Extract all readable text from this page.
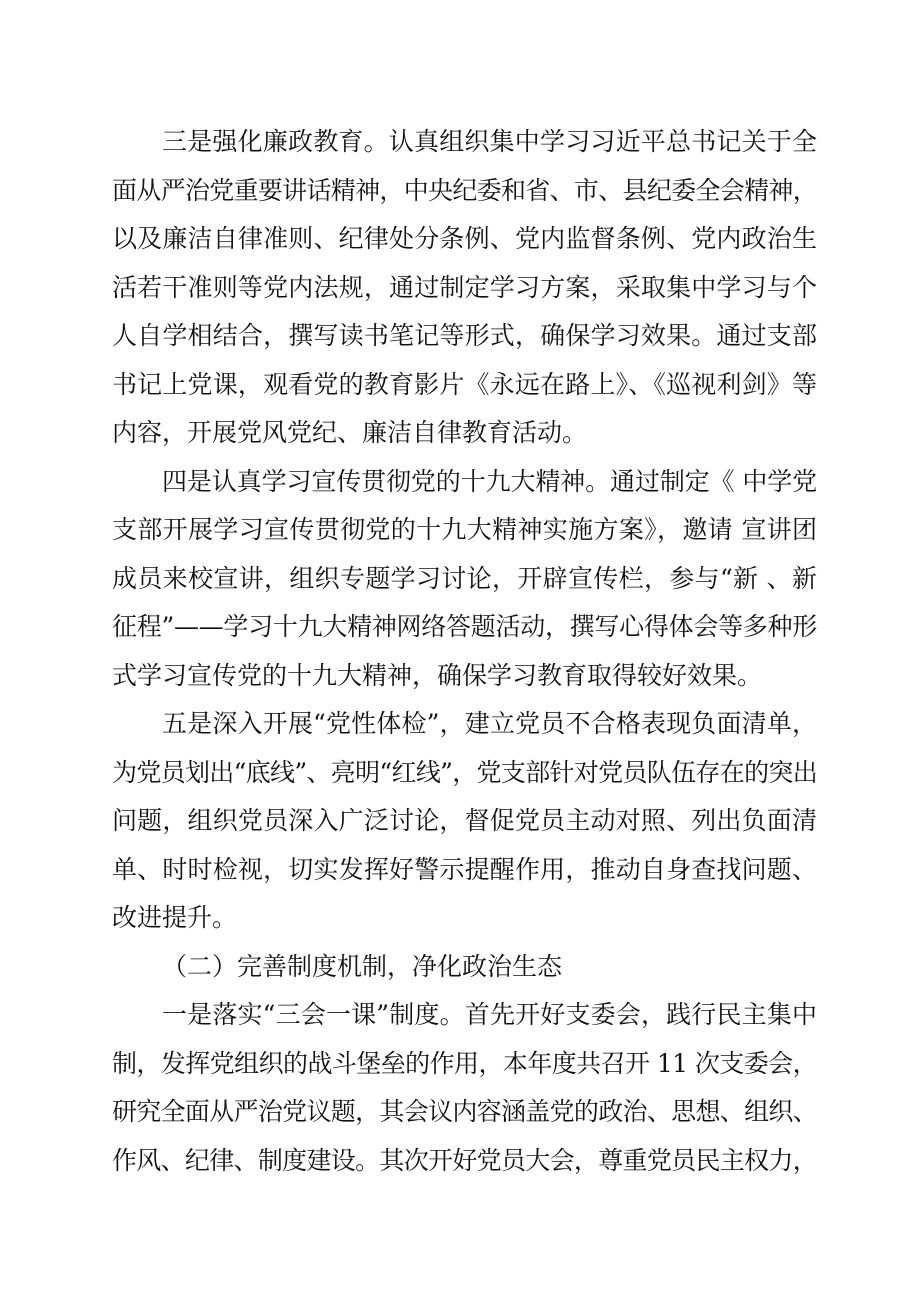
三是强化廉政教育。认真组织集中学习习近平总书记关于全
面从严治党重要讲话精神，中央纪委和省、市、县纪委全会精神，
以及廉洁自律准则、纪律处分条例、党内监督条例、党内政治生
活若干准则等党内法规，通过制定学习方案，采取集中学习与个
人自学相结合，撰写读书笔记等形式，确保学习效果。通过支部
书记上党课，观看党的教育影片《永远在路上》、《巡视利剑》等
内容，开展党风党纪、廉洁自律教育活动。
四是认真学习宣传贯彻党的十九大精神。通过制定《 中学党
支部开展学习宣传贯彻党的十九大精神实施方案》，邀请 宣讲团
成员来校宣讲，组织专题学习讨论，开辟宣传栏，参与“新 、新
征程”——学习十九大精神网络答题活动，撰写心得体会等多种形
式学习宣传党的十九大精神，确保学习教育取得较好效果。
五是深入开展“党性体检”，建立党员不合格表现负面清单，
为党员划出“底线”、亮明“红线”，党支部针对党员队伍存在的突出
问题，组织党员深入广泛讨论，督促党员主动对照、列出负面清
单、时时检视，切实发挥好警示提醒作用，推动自身查找问题、
改进提升。
（二）完善制度机制，净化政治生态
一是落实“三会一课”制度。首先开好支委会，践行民主集中
制，发挥党组织的战斗堡垒的作用，本年度共召开 11 次支委会，
研究全面从严治党议题，其会议内容涵盖党的政治、思想、组织、
作风、纪律、制度建设。其次开好党员大会，尊重党员民主权力，
